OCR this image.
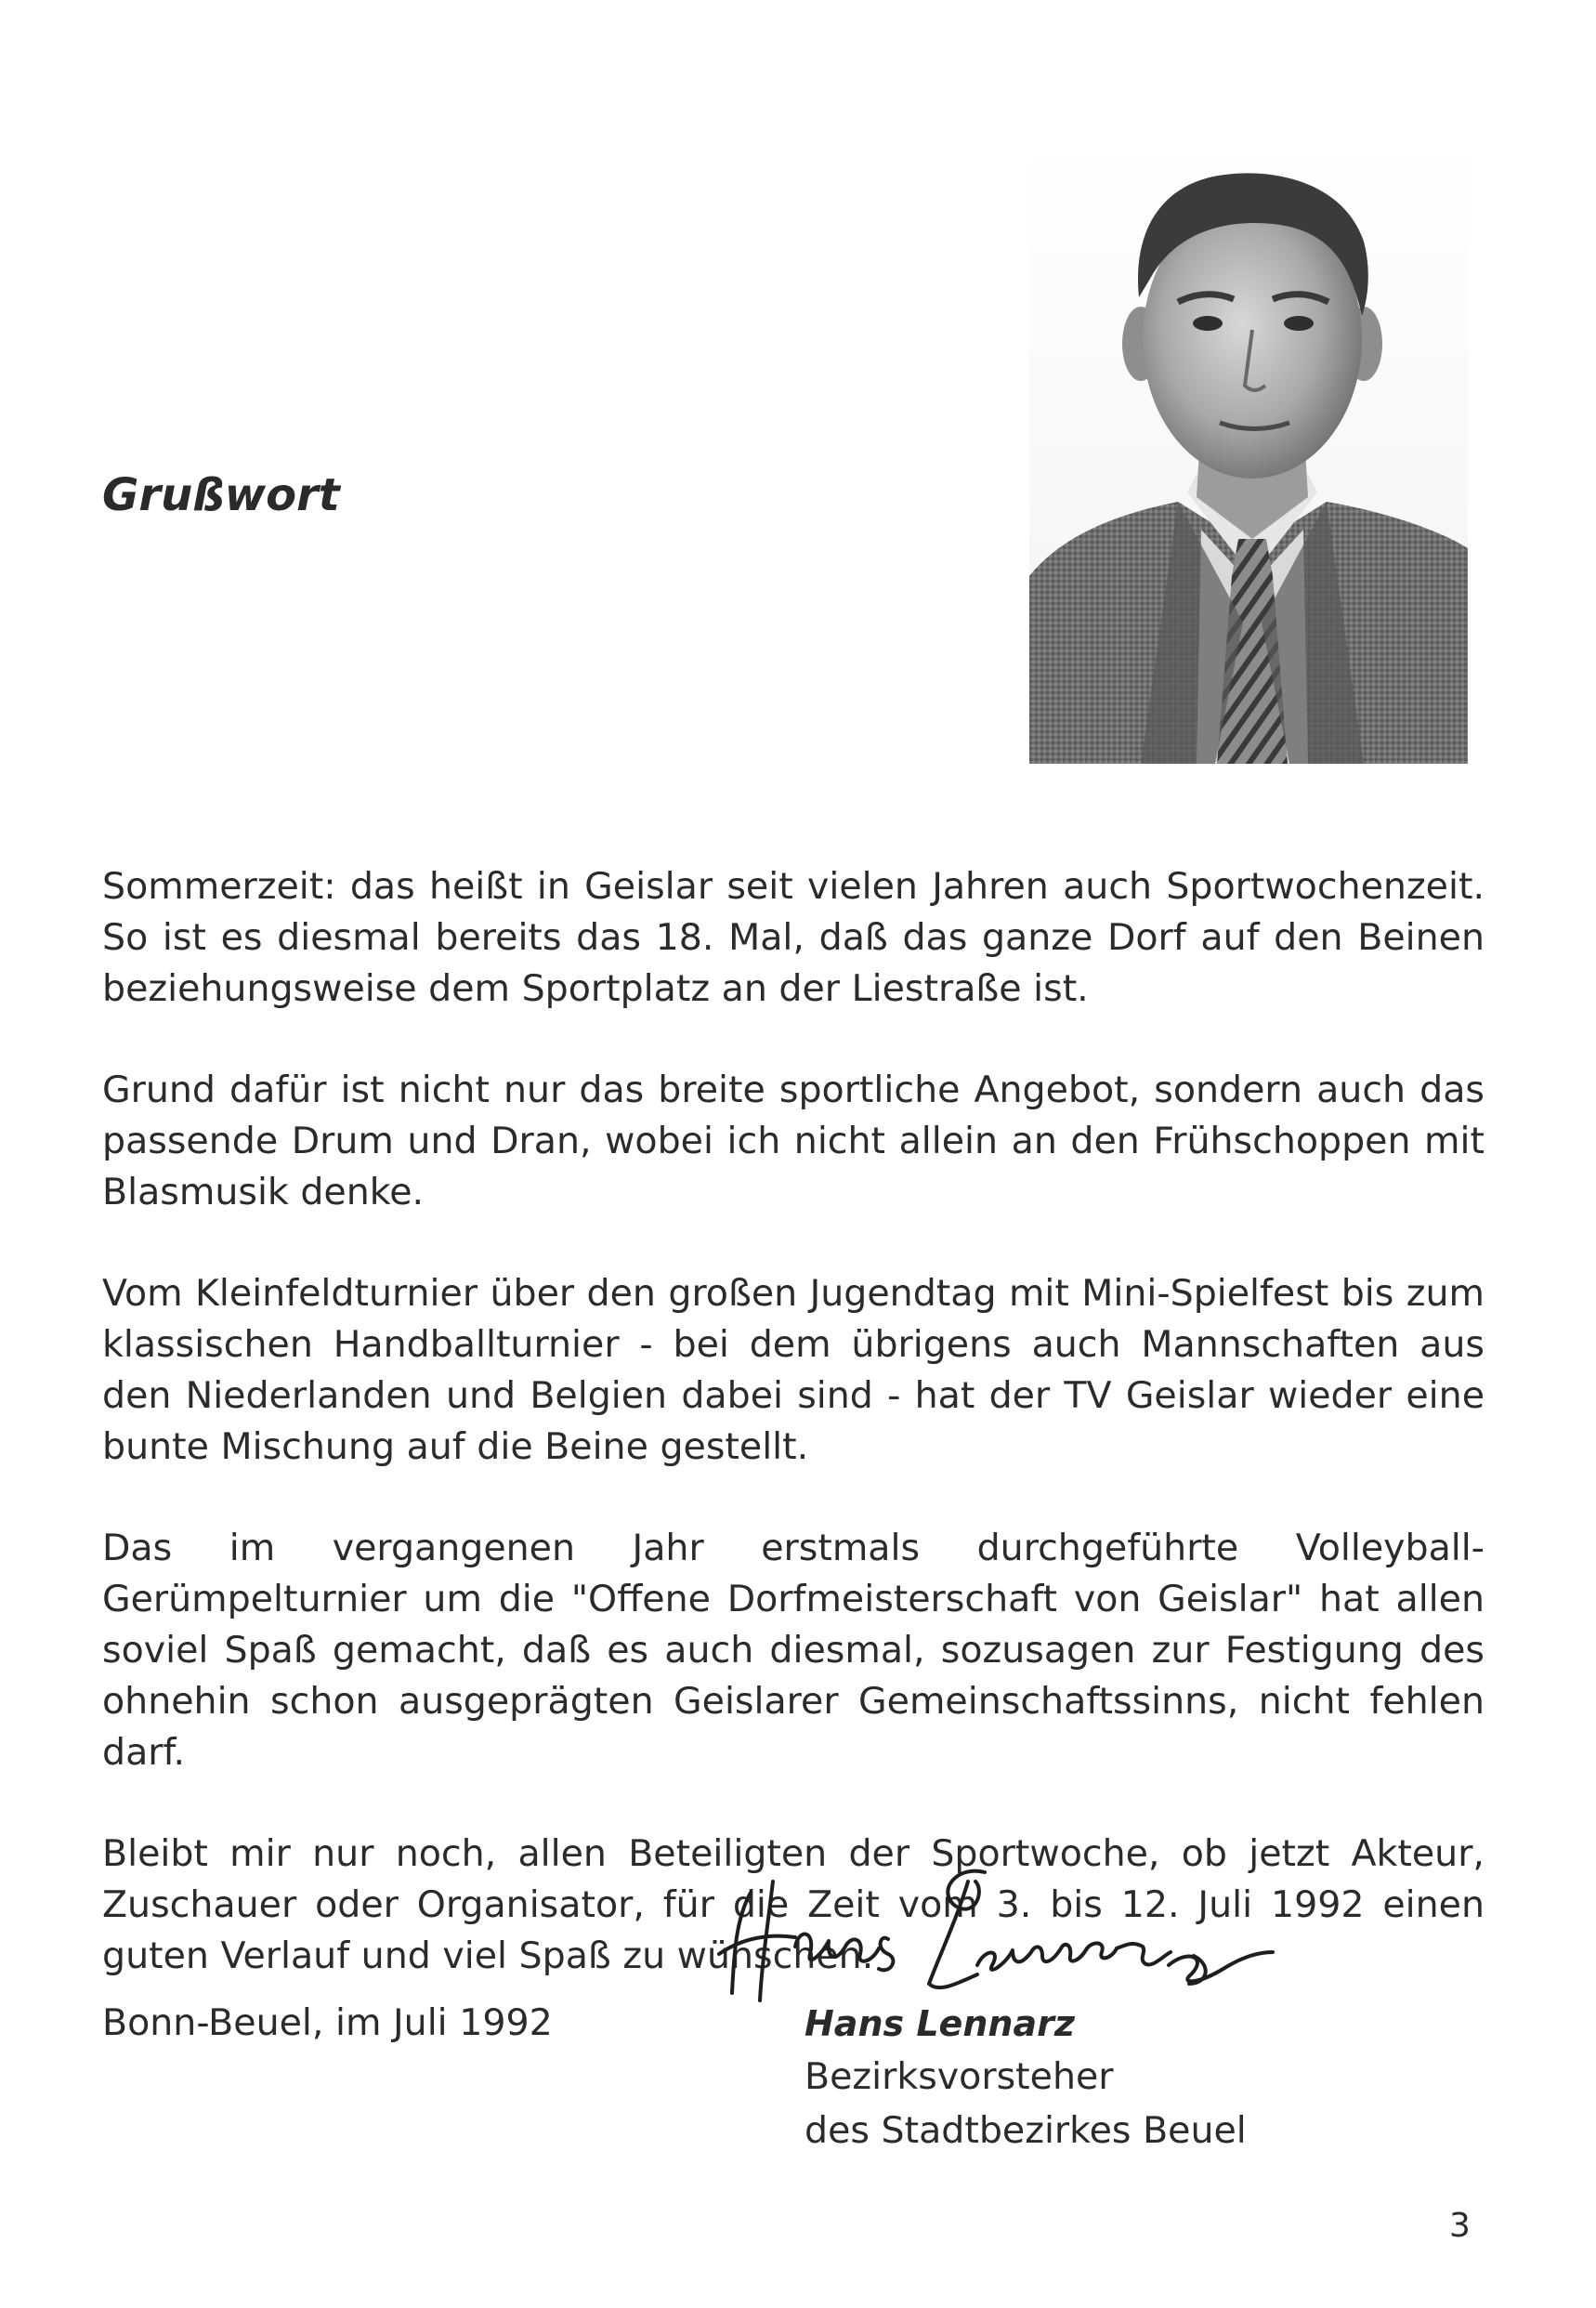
Grußwort

Sommerzeit: das heißt in Geislar seit vielen Jahren auch Sportwochenzeit. So ist es diesmal bereits das 18. Mal, daß das ganze Dorf auf den Beinen beziehungsweise dem Sportplatz an der Liestraße ist.

Grund dafür ist nicht nur das breite sportliche Angebot, sondern auch das passende Drum und Dran, wobei ich nicht allein an den Frühschoppen mit Blasmusik denke.

Vom Kleinfeldturnier über den großen Jugendtag mit Mini-Spielfest bis zum klassischen Handballturnier - bei dem übrigens auch Mannschaften aus den Niederlanden und Belgien dabei sind - hat der TV Geislar wieder eine bunte Mischung auf die Beine gestellt.

Das im vergangenen Jahr erstmals durchgeführte Volleyball-Gerümpelturnier um die "Offene Dorfmeisterschaft von Geislar" hat allen soviel Spaß gemacht, daß es auch diesmal, sozusagen zur Festigung des ohnehin schon ausgeprägten Geislarer Gemeinschaftssinns, nicht fehlen darf.

Bleibt mir nur noch, allen Beteiligten der Sportwoche, ob jetzt Akteur, Zuschauer oder Organisator, für die Zeit vom 3. bis 12. Juli 1992 einen guten Verlauf und viel Spaß zu wünschen.

Bonn-Beuel, im Juli 1992	Hans Lennarz
Bezirksvorsteher
des Stadtbezirkes Beuel
3
